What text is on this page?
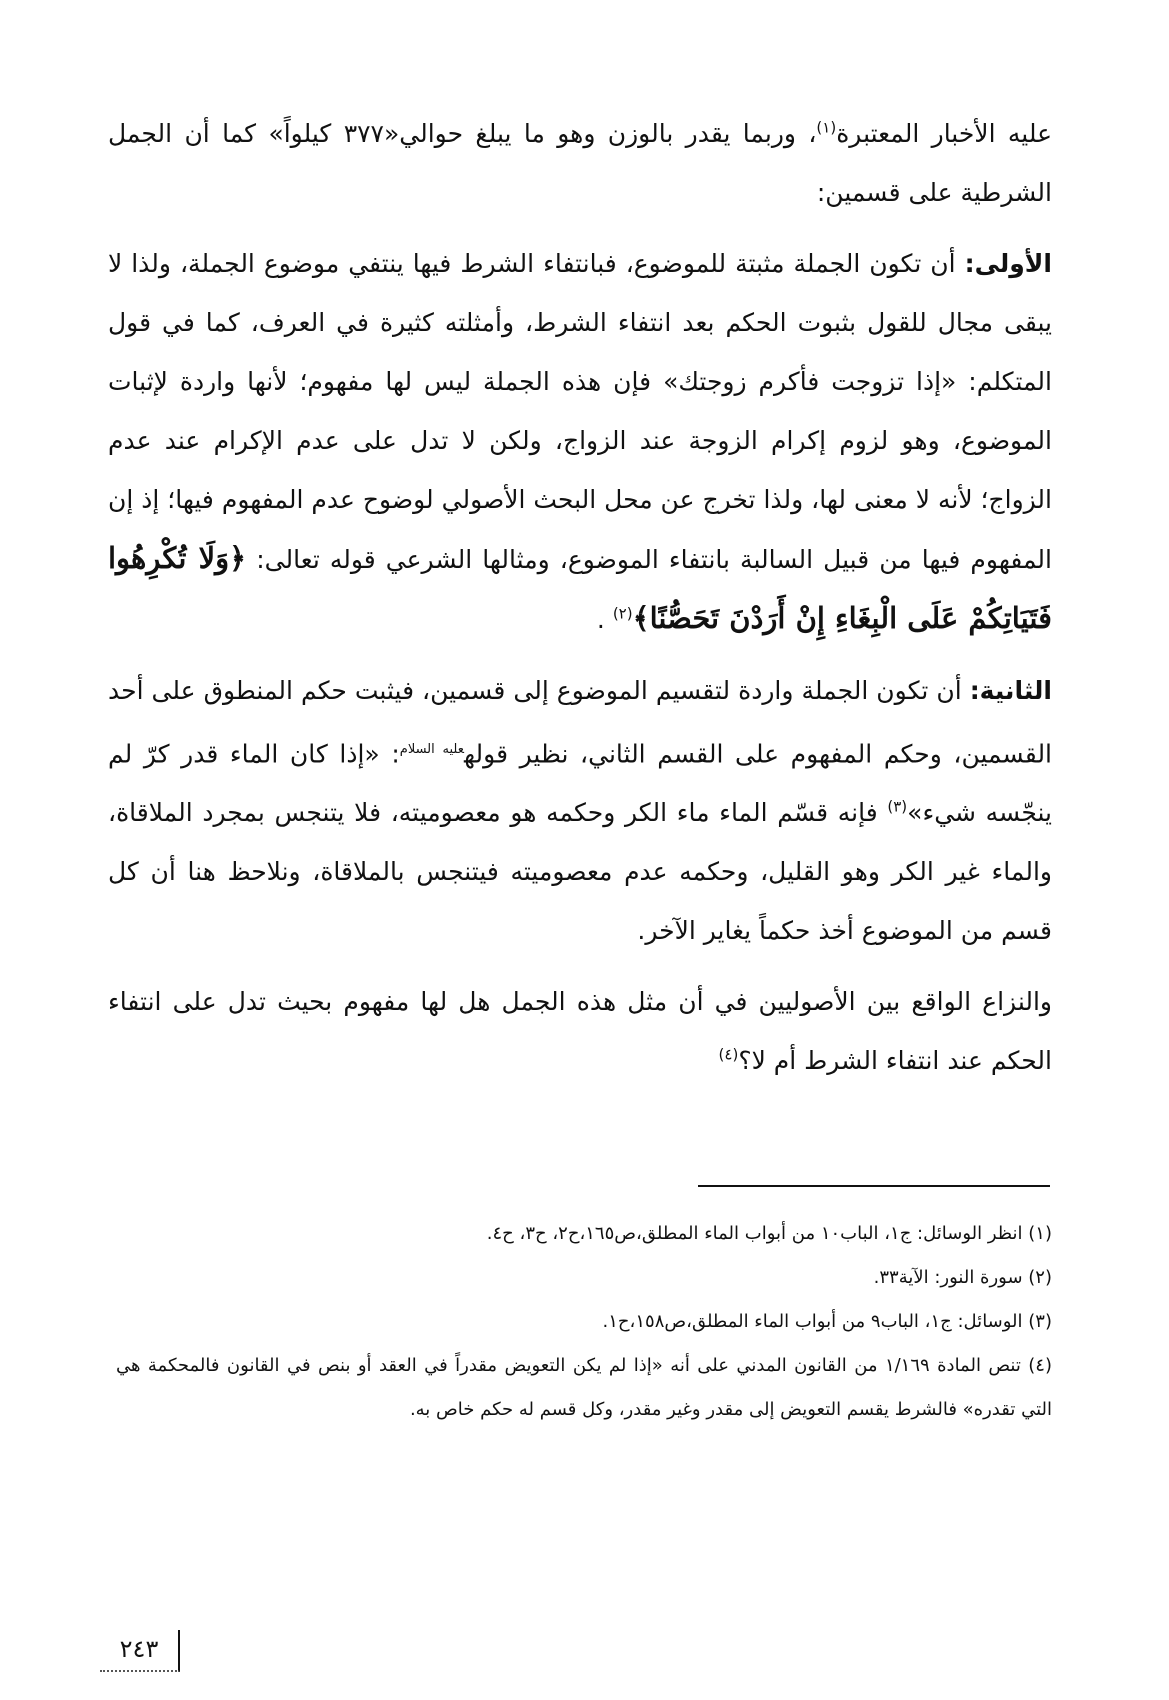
عليه الأخبار المعتبرة$^{(١)}$، وربما يقدر بالوزن وهو ما يبلغ حوالي«٣٧٧ كيلواً» كما أن الجمل الشرطية على قسمين:

الأولى: أن تكون الجملة مثبتة للموضوع، فبانتفاء الشرط فيها ينتفي موضوع الجملة، ولذا لا يبقى مجال للقول بثبوت الحكم بعد انتفاء الشرط، وأمثلته كثيرة في العرف، كما في قول المتكلم: «إذا تزوجت فأكرم زوجتك» فإن هذه الجملة ليس لها مفهوم؛ لأنها واردة لإثبات الموضوع، وهو لزوم إكرام الزوجة عند الزواج، ولكن لا تدل على عدم الإكرام عند عدم الزواج؛ لأنه لا معنى لها، ولذا تخرج عن محل البحث الأصولي لوضوح عدم المفهوم فيها؛ إذ إن المفهوم فيها من قبيل السالبة بانتفاء الموضوع، ومثالها الشرعي قوله تعالى: ﴿وَلَا تُكْرِهُوا فَتَيَاتِكُمْ عَلَى الْبِغَاءِ إِنْ أَرَدْنَ تَحَصُّنًا﴾$^{(٢)}$ .

الثانية: أن تكون الجملة واردة لتقسيم الموضوع إلى قسمين، فيثبت حكم المنطوق على أحد القسمين، وحكم المفهوم على القسم الثاني، نظير قوله$^{عليه السلام}$: «إذا كان الماء قدر كرّ لم ينجّسه شيء»$^{(٣)}$ فإنه قسّم الماء ماء الكر وحكمه هو معصوميته، فلا يتنجس بمجرد الملاقاة، والماء غير الكر وهو القليل، وحكمه عدم معصوميته فيتنجس بالملاقاة، ونلاحظ هنا أن كل قسم من الموضوع أخذ حكماً يغاير الآخر.

والنزاع الواقع بين الأصوليين في أن مثل هذه الجمل هل لها مفهوم بحيث تدل على انتفاء الحكم عند انتفاء الشرط أم لا؟$^{(٤)}$

(١) انظر الوسائل: ج١، الباب١٠ من أبواب الماء المطلق،ص١٦٥،ح٢، ح٣، ح٤.

(٢) سورة النور: الآية٣٣.

(٣) الوسائل: ج١، الباب٩ من أبواب الماء المطلق،ص١٥٨،ح١.

(٤) تنص المادة ١/١٦٩ من القانون المدني على أنه «إذا لم يكن التعويض مقدراً في العقد أو بنص في القانون فالمحكمة هي التي تقدره» فالشرط يقسم التعويض إلى مقدر وغير مقدر، وكل قسم له حكم خاص به.

٢٤٣
